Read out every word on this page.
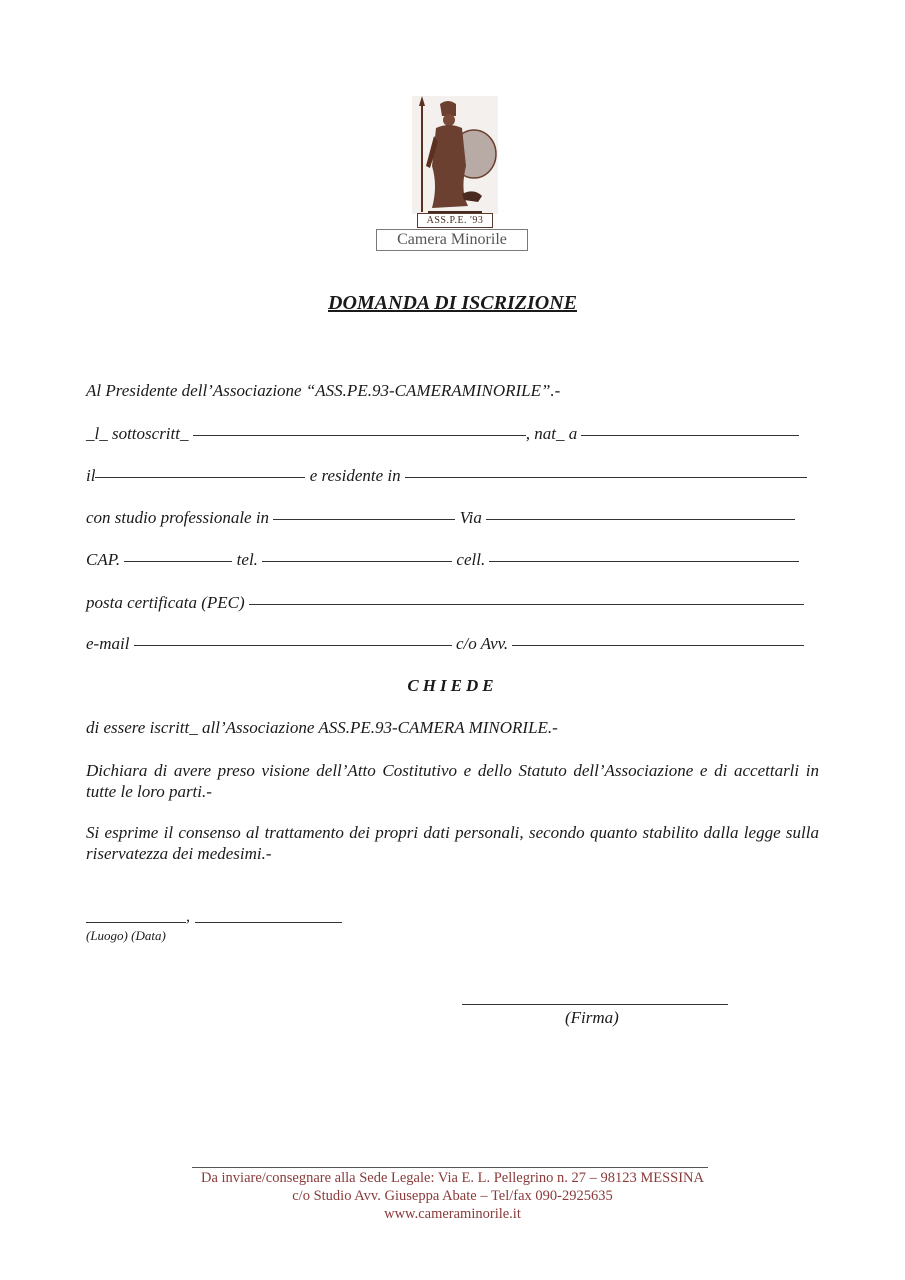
ASS.P.E. '93
Camera Minorile
DOMANDA DI ISCRIZIONE
Al Presidente dell’Associazione “ASS.PE.93-CAMERAMINORILE”.-
_l_ sottoscritt_	, nat_ a
il	e residente in
con studio professionale in	Via
CAP.	tel.	cell.
posta certificata (PEC)
e-mail	c/o Avv.
CHIEDE
di essere iscritt_ all’Associazione ASS.PE.93-CAMERA MINORILE.-
Dichiara di avere preso visione dell’Atto Costitutivo e dello Statuto dell’Associazione e di accettarli in tutte le loro parti.-
Si esprime il consenso al trattamento dei propri dati personali, secondo quanto stabilito dalla legge sulla riservatezza dei medesimi.-
,
(Luogo) (Data)
(Firma)
Da inviare/consegnare alla Sede Legale: Via E. L. Pellegrino n. 27 – 98123 MESSINA
c/o Studio Avv. Giuseppa Abate – Tel/fax 090-2925635
www.cameraminorile.it
